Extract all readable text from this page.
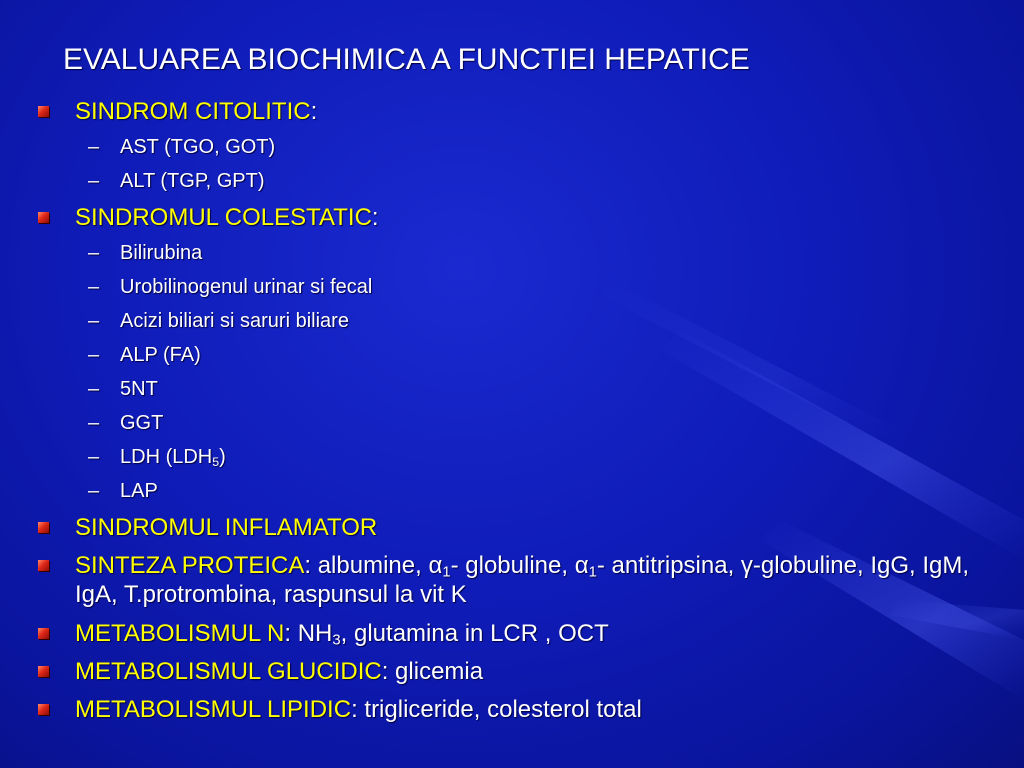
EVALUAREA BIOCHIMICA A FUNCTIEI HEPATICE
SINDROM CITOLITIC:
– AST (TGO, GOT)
– ALT (TGP, GPT)
SINDROMUL COLESTATIC:
– Bilirubina
– Urobilinogenul urinar si fecal
– Acizi biliari si saruri biliare
– ALP (FA)
– 5NT
– GGT
– LDH $(LDH_5)$
– LAP
SINDROMUL INFLAMATOR
SINTEZA PROTEICA: albumine, $\alpha_1-$ globuline, $\alpha_1-$ antitripsina, γ-globuline, IgG, IgM, IgA, T.protrombina, raspunsul la vit K
METABOLISMUL N: $NH_3$, glutamina in LCR , OCT
METABOLISMUL GLUCIDIC: glicemia
METABOLISMUL LIPIDIC: trigliceride, colesterol total
